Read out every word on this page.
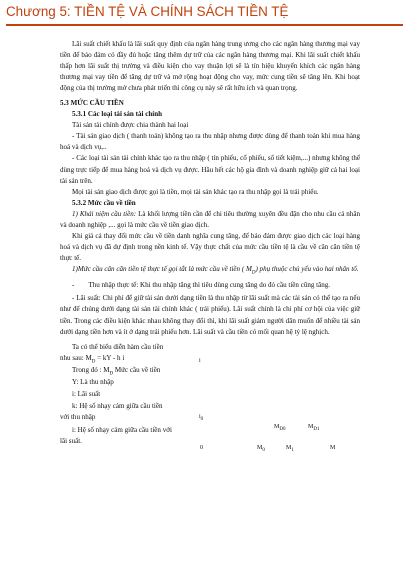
Chương 5: TIỀN TỆ VÀ CHÍNH SÁCH TIỀN TỆ

Lãi suất chiết khấu là lãi suất quy định của ngân hàng trung ương cho các ngân hàng thương mại vay tiền để bảo đảm có đầy đủ hoặc tăng thêm dự trữ của các ngân hàng thương mại. Khi lãi suất chiết khấu thấp hơn lãi suất thị trường và điều kiện cho vay thuận lợi sẽ là tín hiệu khuyến khích các ngân hàng thương mại vay tiền để tăng dự trữ và mở rộng hoạt động cho vay, mức cung tiền sẽ tăng lên. Khi hoạt động của thị trường mở chưa phát triển thì công cụ này sẽ rất hữu ích và quan trọng.

5.3 MỨC CẦU TIỀN

5.3.1 Các loại tài sản tài chính

Tài sản tài chính được chia thành hai loại

- Tài sản giao dịch ( thanh toán) không tạo ra thu nhập nhưng được dùng để thanh toán khi mua hàng hoá và dịch vụ,..

- Các loại tài sản tài chính khác tạo ra thu nhập ( tín phiếu, cổ phiếu, sổ tiết kiệm,...) nhưng không thể dùng trực tiếp để mua hàng hoá và dịch vụ được. Hầu hết các hộ gia đình và doanh nghiệp giữ cả hai loại tài sản trên.

Mọi tài sản giao dịch được gọi là tiền, mọi tài sản khác tạo ra thu nhập gọi là trái phiếu.

5.3.2 Mức cầu về tiền

1) Khái niệm cầu tiền: Là khối lượng tiền cần để chi tiêu thường xuyên đều đặn cho nhu cầu cá nhân và doanh nghiệp ,... gọi là mức cầu về tiền giao dịch.

Khi giá cả thay đổi mức cầu về tiền danh nghĩa cung tăng, để bảo đảm được giao dịch các loại hàng hoá và dịch vụ đã dự định trong nền kinh tế. Vậy thực chất của mức cầu tiền tệ là cầu về cân căn tiền tệ thực tế.

1)Mức cầu cân căn tiền tệ thực tế gọi tắt là mức cầu về tiền ( $M_D$) phụ thuộc chủ yếu vào hai nhân tố.

- Thu nhập thực tế: Khi thu nhập tăng thì tiêu dùng cung tăng do đó cầu tiền cũng tăng.

- Lãi suất: Chi phí để giữ tài sản dưới dạng tiền là thu nhập từ lãi suất mà các tài sản có thể tạo ra nếu như để chúng dưới dạng tài sản tài chính khác ( trái phiếu). Lãi suất chính là chi phí cơ hội của việc giữ tiền. Trong các điều kiện khác nhau không thay đổi thì, khi lãi suất giảm người dân muốn để nhiều tài sản dưới dạng tiền hơn và ít ở dạng trái phiếu hơn. Lãi suất và cầu tiền có mối quan hệ tỷ lệ nghịch.

Ta có thể biểu diễn hàm cầu tiền
nhu sau: $M_D$ = kY - h i
Trong đó : $M_D$ Mức cầu về tiền
Y: Là thu nhập
i: Lãi suất
k: Hệ số nhạy cảm giữa cầu tiền
với thu nhập
i: Hệ số nhạy cảm giữa cầu tiền với
lãi suất.
i
$i_0$
$M_{D0}$	$M_{D1}$
0	$M_0$	$M_1$	M
